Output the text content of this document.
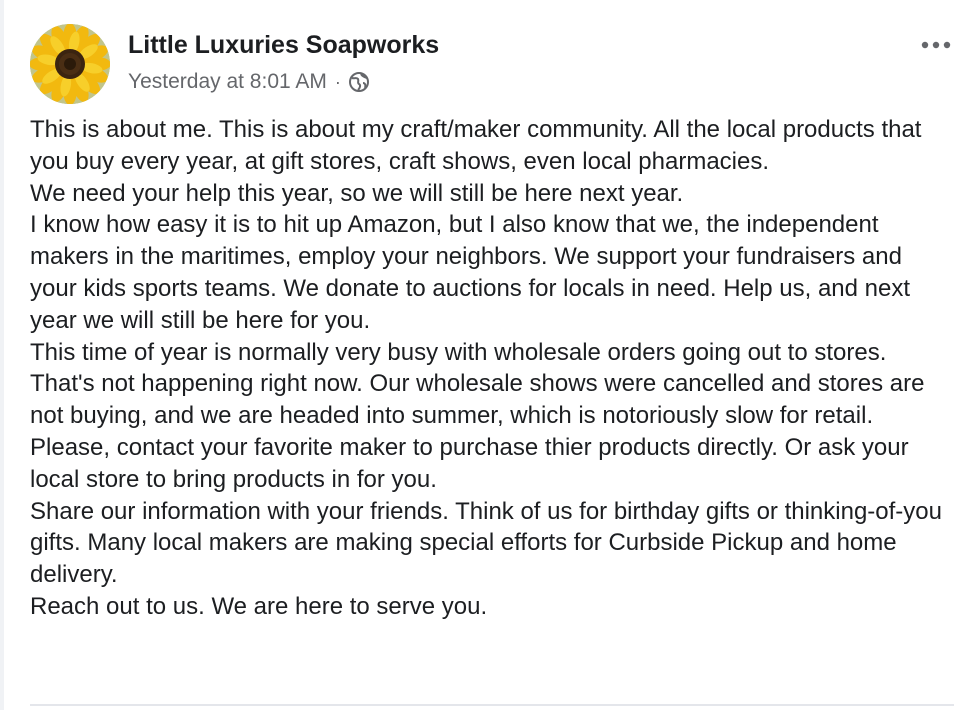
Little Luxuries Soapworks
Yesterday at 8:01 AM ·

This is about me. This is about my craft/maker community. All the local products that you buy every year, at gift stores, craft shows, even local pharmacies.

We need your help this year, so we will still be here next year.

I know how easy it is to hit up Amazon, but I also know that we, the independent makers in the maritimes, employ your neighbors. We support your fundraisers and your kids sports teams. We donate to auctions for locals in need. Help us, and next year we will still be here for you.

This time of year is normally very busy with wholesale orders going out to stores. That's not happening right now. Our wholesale shows were cancelled and stores are not buying, and we are headed into summer, which is notoriously slow for retail.

Please, contact your favorite maker to purchase thier products directly. Or ask your local store to bring products in for you.

Share our information with your friends. Think of us for birthday gifts or thinking-of-you gifts. Many local makers are making special efforts for Curbside Pickup and home delivery.

Reach out to us. We are here to serve you.
